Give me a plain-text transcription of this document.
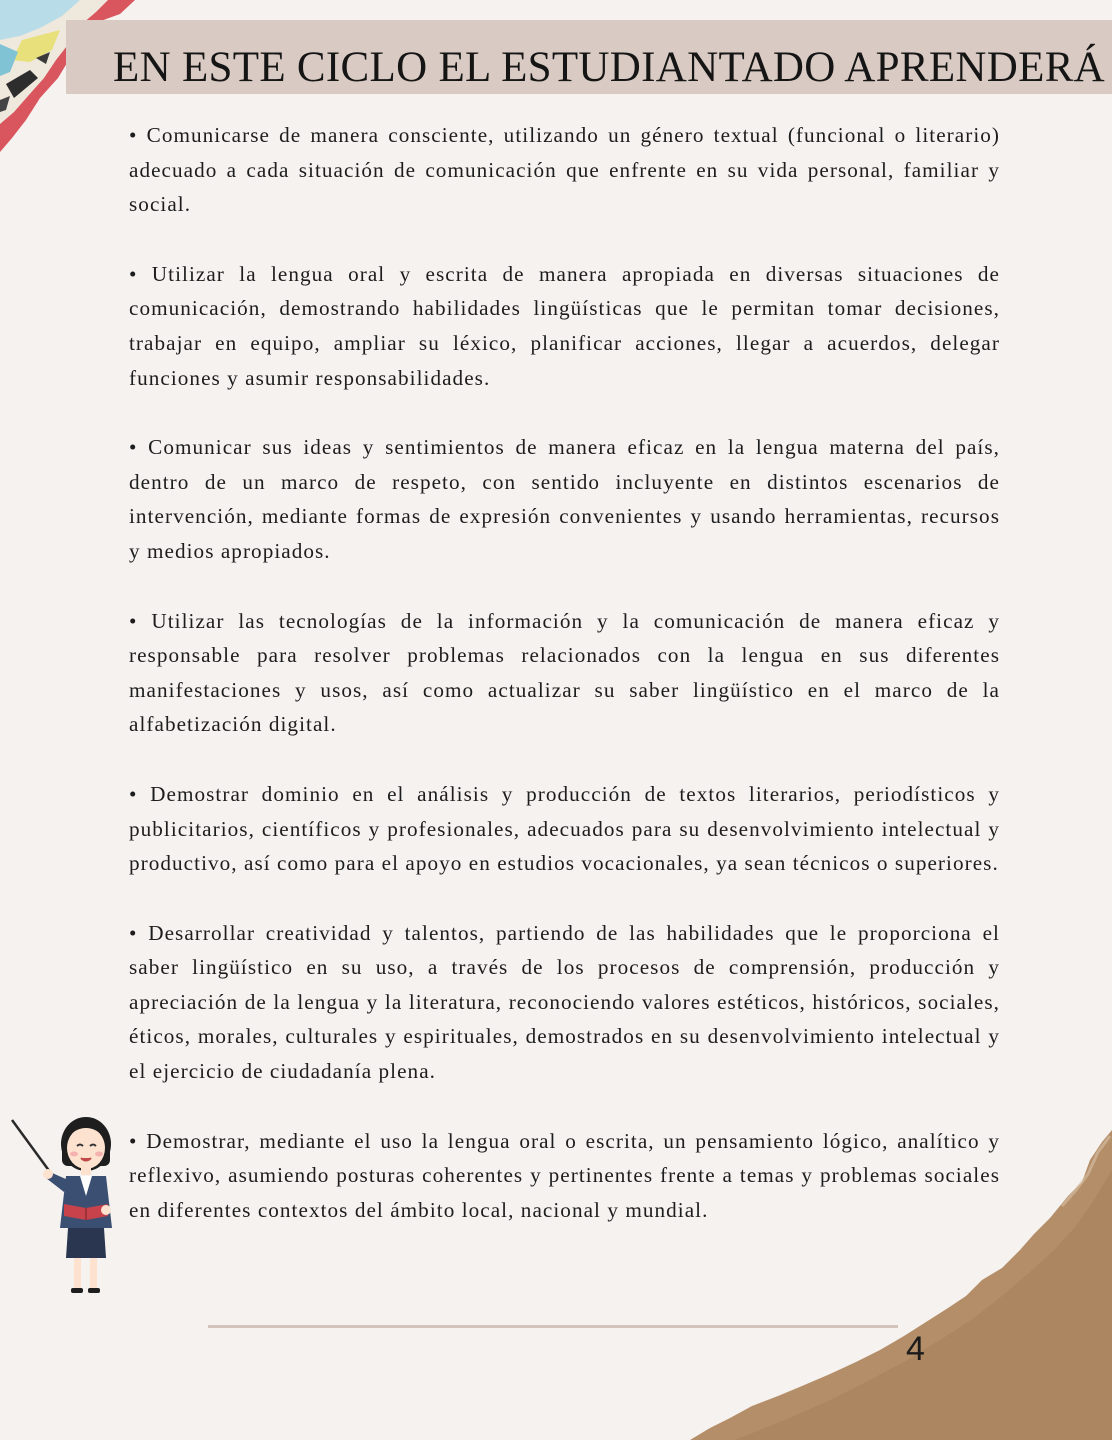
EN ESTE CICLO EL ESTUDIANTADO APRENDERÁ

• Comunicarse de manera consciente, utilizando un género textual (funcional o literario) adecuado a cada situación de comunicación que enfrente en su vida personal, familiar y social.

• Utilizar la lengua oral y escrita de manera apropiada en diversas situaciones de comunicación, demostrando habilidades lingüísticas que le permitan tomar decisiones, trabajar en equipo, ampliar su léxico, planificar acciones, llegar a acuerdos, delegar funciones y asumir responsabilidades.

• Comunicar sus ideas y sentimientos de manera eficaz en la lengua materna del país, dentro de un marco de respeto, con sentido incluyente en distintos escenarios de intervención, mediante formas de expresión convenientes y usando herramientas, recursos y medios apropiados.

• Utilizar las tecnologías de la información y la comunicación de manera eficaz y responsable para resolver problemas relacionados con la lengua en sus diferentes manifestaciones y usos, así como actualizar su saber lingüístico en el marco de la alfabetización digital.

• Demostrar dominio en el análisis y producción de textos literarios, periodísticos y publicitarios, científicos y profesionales, adecuados para su desenvolvimiento intelectual y productivo, así como para el apoyo en estudios vocacionales, ya sean técnicos o superiores.

• Desarrollar creatividad y talentos, partiendo de las habilidades que le proporciona el saber lingüístico en su uso, a través de los procesos de comprensión, producción y apreciación de la lengua y la literatura, reconociendo valores estéticos, históricos, sociales, éticos, morales, culturales y espirituales, demostrados en su desenvolvimiento intelectual y el ejercicio de ciudadanía plena.

• Demostrar, mediante el uso la lengua oral o escrita, un pensamiento lógico, analítico y reflexivo, asumiendo posturas coherentes y pertinentes frente a temas y problemas sociales en diferentes contextos del ámbito local, nacional y mundial.

4
